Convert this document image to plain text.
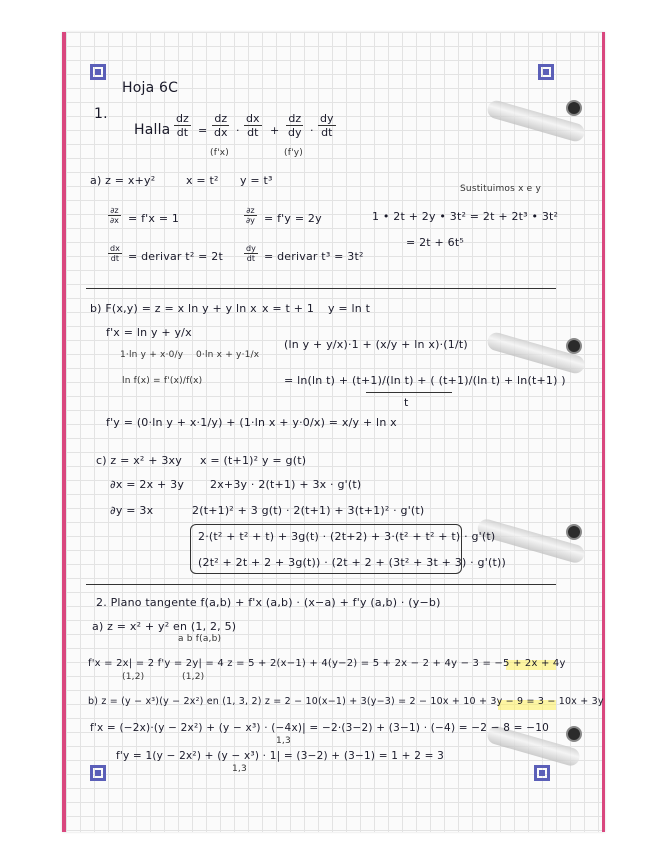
Hoja 6C
1.
Halla $\frac{dz}{dt} = \frac{dz}{dx} \cdot \frac{dx}{dt} + \frac{dz}{dy} \cdot \frac{dy}{dt}$
(f'x)	(f'y)
a) z = x+y²	x = t² y = t³
Sustituimos x e y
$\frac{\partial z}{\partial x} = f'x = 1$	$\frac{\partial z}{\partial y} = f'y = 2y$	1 • 2t + 2y • 3t² = 2t + 2t³ • 3t²
$\frac{dx}{dt}$ = derivar t² = 2t	$\frac{dy}{dt}$ = derivar t³ = 3t²
= 2t + 6t⁵
b) F(x,y) = z = x ln y + y ln x x = t + 1 y = ln t
f'x = ln y + y/x
1·ln y + x·0/y 0·ln x + y·1/x
ln f(x) = f'(x)/f(x)
(ln y + y/x)·1 + (x/y + ln x)·(1/t)
= ln(ln t) + (t+1)/(ln t) + ( (t+1)/(ln t) + ln(t+1) )
t
f'y = (0·ln y + x·1/y) + (1·ln x + y·0/x) = x/y + ln x
c) z = x² + 3xy x = (t+1)² y = g(t)
∂x = 2x + 3y 2x+3y · 2(t+1) + 3x · g'(t)
∂y = 3x	2(t+1)² + 3 g(t) · 2(t+1) + 3(t+1)² · g'(t)
2·(t² + t² + t) + 3g(t) · (2t+2) + 3·(t² + t² + t) · g'(t)
(2t² + 2t + 2 + 3g(t)) · (2t + 2 + (3t² + 3t + 3) · g'(t))
2. Plano tangente f(a,b) + f'x (a,b) · (x−a) + f'y (a,b) · (y−b)
a) z = x² + y² en (1, 2, 5)
a b f(a,b)
f'x = 2x| = 2 f'y = 2y| = 4 z = 5 + 2(x−1) + 4(y−2) = 5 + 2x − 2 + 4y − 3 = −5 + 2x + 4y
(1,2)	(1,2)
b) z = (y − x³)(y − 2x²) en (1, 3, 2) z = 2 − 10(x−1) + 3(y−3) = 2 − 10x + 10 + 3y − 9 = 3 − 10x + 3y
f'x = (−2x)·(y − 2x²) + (y − x³) · (−4x)| = −2·(3−2) + (3−1) · (−4) = −2 − 8 = −10
1,3
f'y = 1(y − 2x²) + (y − x³) · 1| = (3−2) + (3−1) = 1 + 2 = 3
1,3
